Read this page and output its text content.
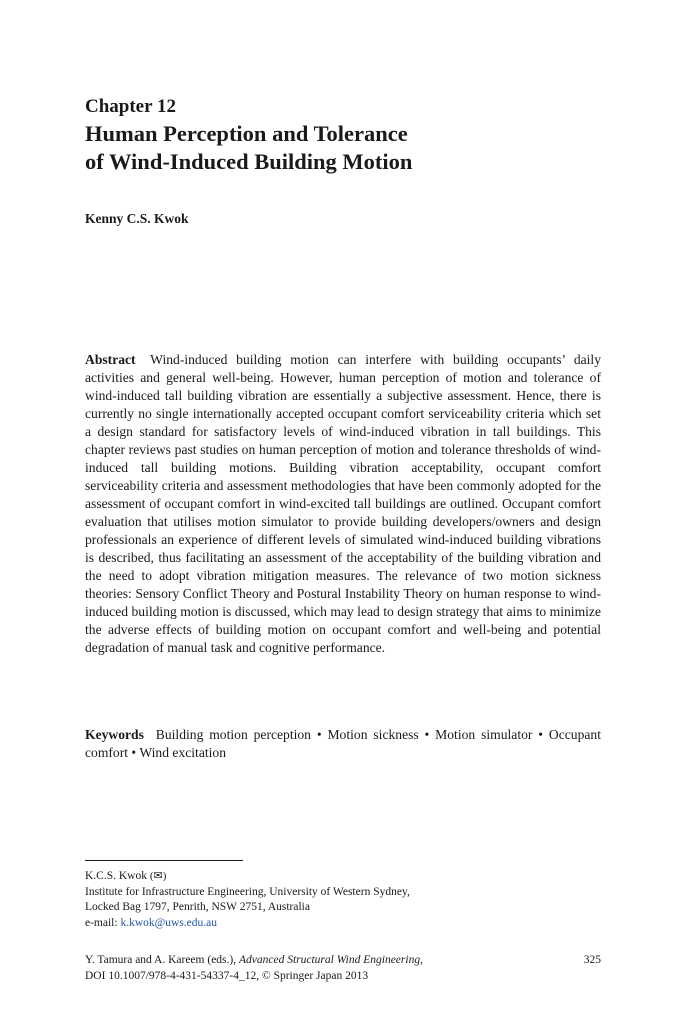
Chapter 12
Human Perception and Tolerance
of Wind-Induced Building Motion
Kenny C.S. Kwok
Abstract Wind-induced building motion can interfere with building occupants’ daily activities and general well-being. However, human perception of motion and tolerance of wind-induced tall building vibration are essentially a subjective assessment. Hence, there is currently no single internationally accepted occupant comfort serviceability criteria which set a design standard for satisfactory levels of wind-induced vibration in tall buildings. This chapter reviews past studies on human perception of motion and tolerance thresholds of wind-induced tall building motions. Building vibration acceptability, occupant comfort serviceability criteria and assessment methodologies that have been commonly adopted for the assessment of occupant comfort in wind-excited tall buildings are outlined. Occupant comfort evaluation that utilises motion simulator to provide building developers/owners and design professionals an experience of different levels of simulated wind-induced building vibrations is described, thus facilitating an assessment of the acceptability of the building vibration and the need to adopt vibration mitigation measures. The relevance of two motion sickness theories: Sensory Conflict Theory and Postural Instability Theory on human response to wind-induced building motion is discussed, which may lead to design strategy that aims to minimize the adverse effects of building motion on occupant comfort and well-being and potential degradation of manual task and cognitive performance.
Keywords Building motion perception • Motion sickness • Motion simulator • Occupant comfort • Wind excitation
K.C.S. Kwok (✉)
Institute for Infrastructure Engineering, University of Western Sydney,
Locked Bag 1797, Penrith, NSW 2751, Australia
e-mail: k.kwok@uws.edu.au
Y. Tamura and A. Kareem (eds.), Advanced Structural Wind Engineering,	325
DOI 10.1007/978-4-431-54337-4_12, © Springer Japan 2013
